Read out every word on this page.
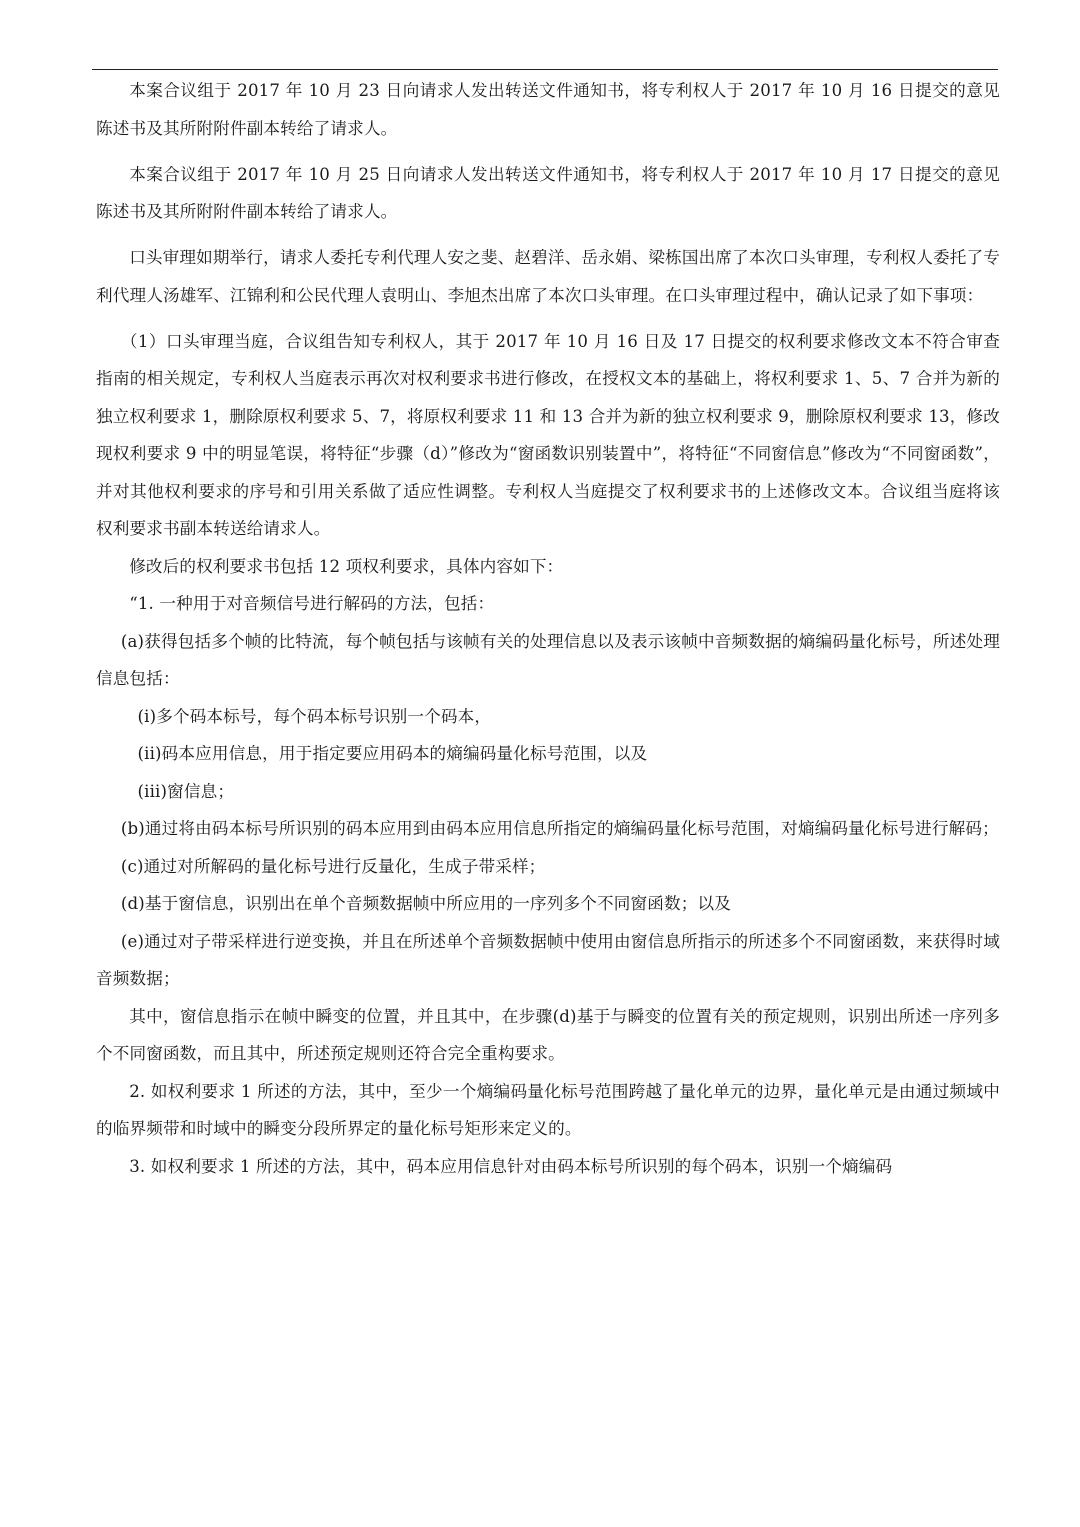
本案合议组于 2017 年 10 月 23 日向请求人发出转送文件通知书，将专利权人于 2017 年 10 月 16 日提交的意见陈述书及其所附附件副本转给了请求人。

本案合议组于 2017 年 10 月 25 日向请求人发出转送文件通知书，将专利权人于 2017 年 10 月 17 日提交的意见陈述书及其所附附件副本转给了请求人。

口头审理如期举行，请求人委托专利代理人安之斐、赵碧洋、岳永娟、梁栋国出席了本次口头审理，专利权人委托了专利代理人汤雄军、江锦利和公民代理人袁明山、李旭杰出席了本次口头审理。在口头审理过程中，确认记录了如下事项：

（1）口头审理当庭，合议组告知专利权人，其于 2017 年 10 月 16 日及 17 日提交的权利要求修改文本不符合审查指南的相关规定，专利权人当庭表示再次对权利要求书进行修改，在授权文本的基础上，将权利要求 1、5、7 合并为新的独立权利要求 1，删除原权利要求 5、7，将原权利要求 11 和 13 合并为新的独立权利要求 9，删除原权利要求 13，修改现权利要求 9 中的明显笔误，将特征“步骤（d）”修改为“窗函数识别装置中”，将特征“不同窗信息”修改为“不同窗函数”，并对其他权利要求的序号和引用关系做了适应性调整。专利权人当庭提交了权利要求书的上述修改文本。合议组当庭将该权利要求书副本转送给请求人。

修改后的权利要求书包括 12 项权利要求，具体内容如下：

“1. 一种用于对音频信号进行解码的方法，包括：

(a)获得包括多个帧的比特流，每个帧包括与该帧有关的处理信息以及表示该帧中音频数据的熵编码量化标号，所述处理信息包括：

(i)多个码本标号，每个码本标号识别一个码本，

(ii)码本应用信息，用于指定要应用码本的熵编码量化标号范围，以及

(iii)窗信息；

(b)通过将由码本标号所识别的码本应用到由码本应用信息所指定的熵编码量化标号范围，对熵编码量化标号进行解码；

(c)通过对所解码的量化标号进行反量化，生成子带采样；

(d)基于窗信息，识别出在单个音频数据帧中所应用的一序列多个不同窗函数；以及

(e)通过对子带采样进行逆变换，并且在所述单个音频数据帧中使用由窗信息所指示的所述多个不同窗函数，来获得时域音频数据；

其中，窗信息指示在帧中瞬变的位置，并且其中，在步骤(d)基于与瞬变的位置有关的预定规则，识别出所述一序列多个不同窗函数，而且其中，所述预定规则还符合完全重构要求。

2. 如权利要求 1 所述的方法，其中，至少一个熵编码量化标号范围跨越了量化单元的边界，量化单元是由通过频域中的临界频带和时域中的瞬变分段所界定的量化标号矩形来定义的。

3. 如权利要求 1 所述的方法，其中，码本应用信息针对由码本标号所识别的每个码本，识别一个熵编码
